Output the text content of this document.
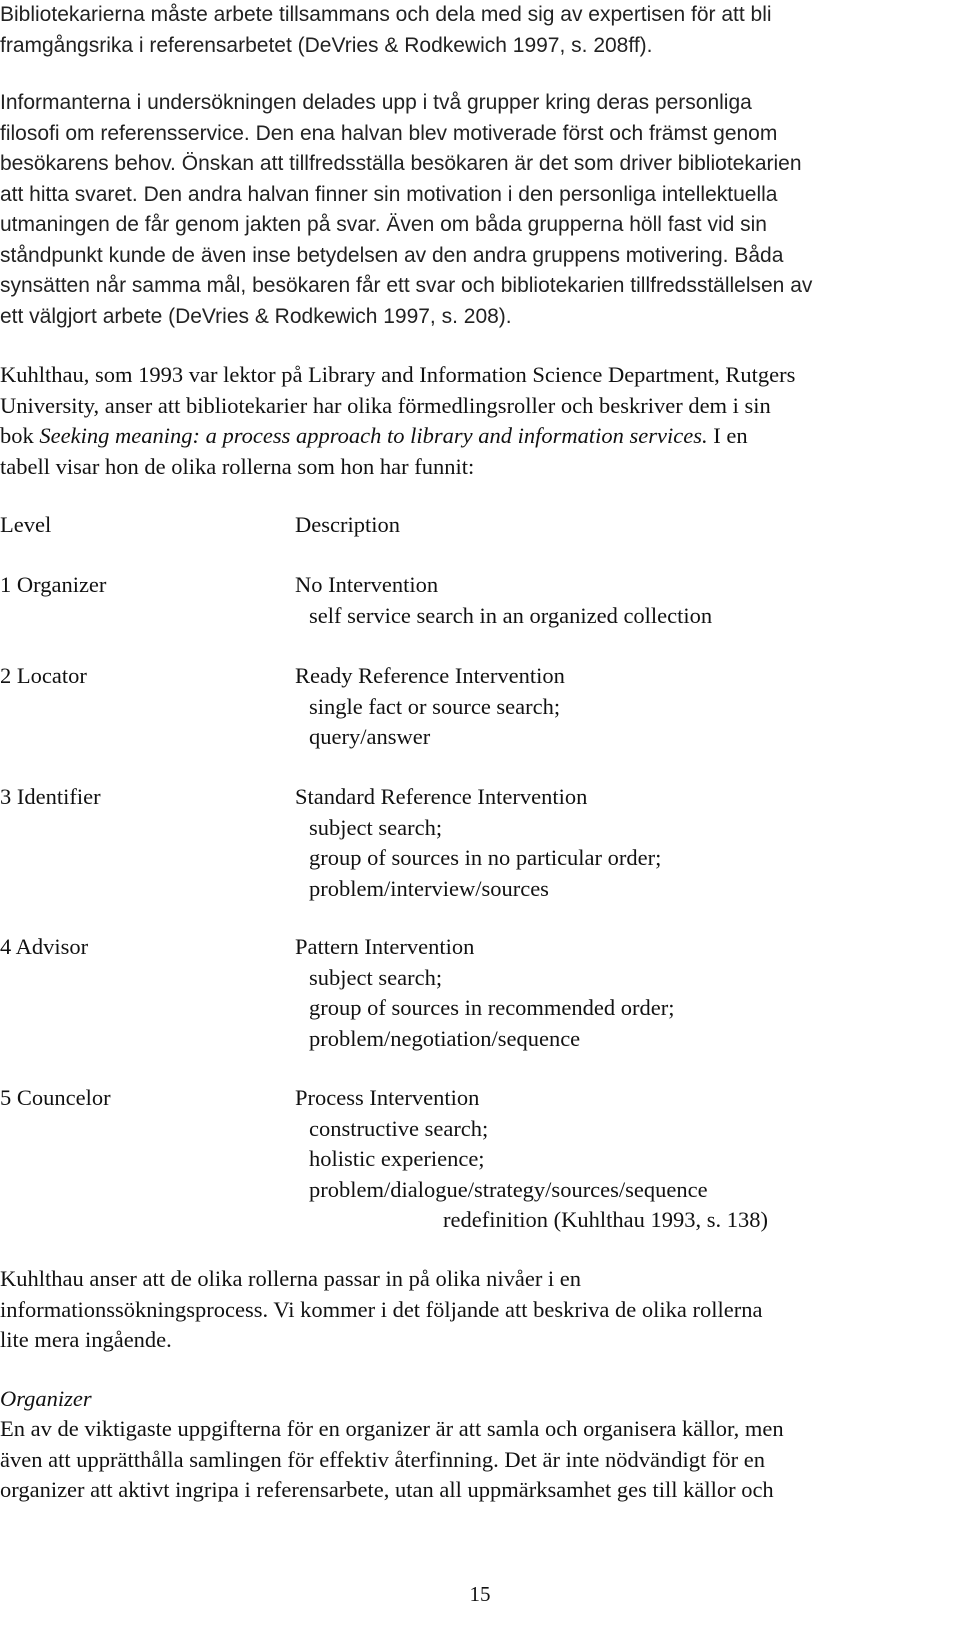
Bibliotekarierna måste arbete tillsammans och dela med sig av expertisen för att bli
framgångsrika i referensarbetet (DeVries & Rodkewich 1997, s. 208ff).
Informanterna i undersökningen delades upp i två grupper kring deras personliga
filosofi om referensservice. Den ena halvan blev motiverade först och främst genom
besökarens behov. Önskan att tillfredsställa besökaren är det som driver bibliotekarien
att hitta svaret. Den andra halvan finner sin motivation i den personliga intellektuella
utmaningen de får genom jakten på svar. Även om båda grupperna höll fast vid sin
ståndpunkt kunde de även inse betydelsen av den andra gruppens motivering. Båda
synsätten når samma mål, besökaren får ett svar och bibliotekarien tillfredsställelsen av
ett välgjort arbete (DeVries & Rodkewich 1997, s. 208).
Kuhlthau, som 1993 var lektor på Library and Information Science Department, Rutgers
University, anser att bibliotekarier har olika förmedlingsroller och beskriver dem i sin
bok Seeking meaning: a process approach to library and information services. I en
tabell visar hon de olika rollerna som hon har funnit:
Level	Description
1 Organizer	No Intervention
self service search in an organized collection
2 Locator	Ready Reference Intervention
single fact or source search;
query/answer
3 Identifier	Standard Reference Intervention
subject search;
group of sources in no particular order;
problem/interview/sources
4 Advisor	Pattern Intervention
subject search;
group of sources in recommended order;
problem/negotiation/sequence
5 Councelor	Process Intervention
constructive search;
holistic experience;
problem/dialogue/strategy/sources/sequence
redefinition (Kuhlthau 1993, s. 138)
Kuhlthau anser att de olika rollerna passar in på olika nivåer i en
informationssökningsprocess. Vi kommer i det följande att beskriva de olika rollerna
lite mera ingående.
Organizer
En av de viktigaste uppgifterna för en organizer är att samla och organisera källor, men
även att upprätthålla samlingen för effektiv återfinning. Det är inte nödvändigt för en
organizer att aktivt ingripa i referensarbete, utan all uppmärksamhet ges till källor och
15
